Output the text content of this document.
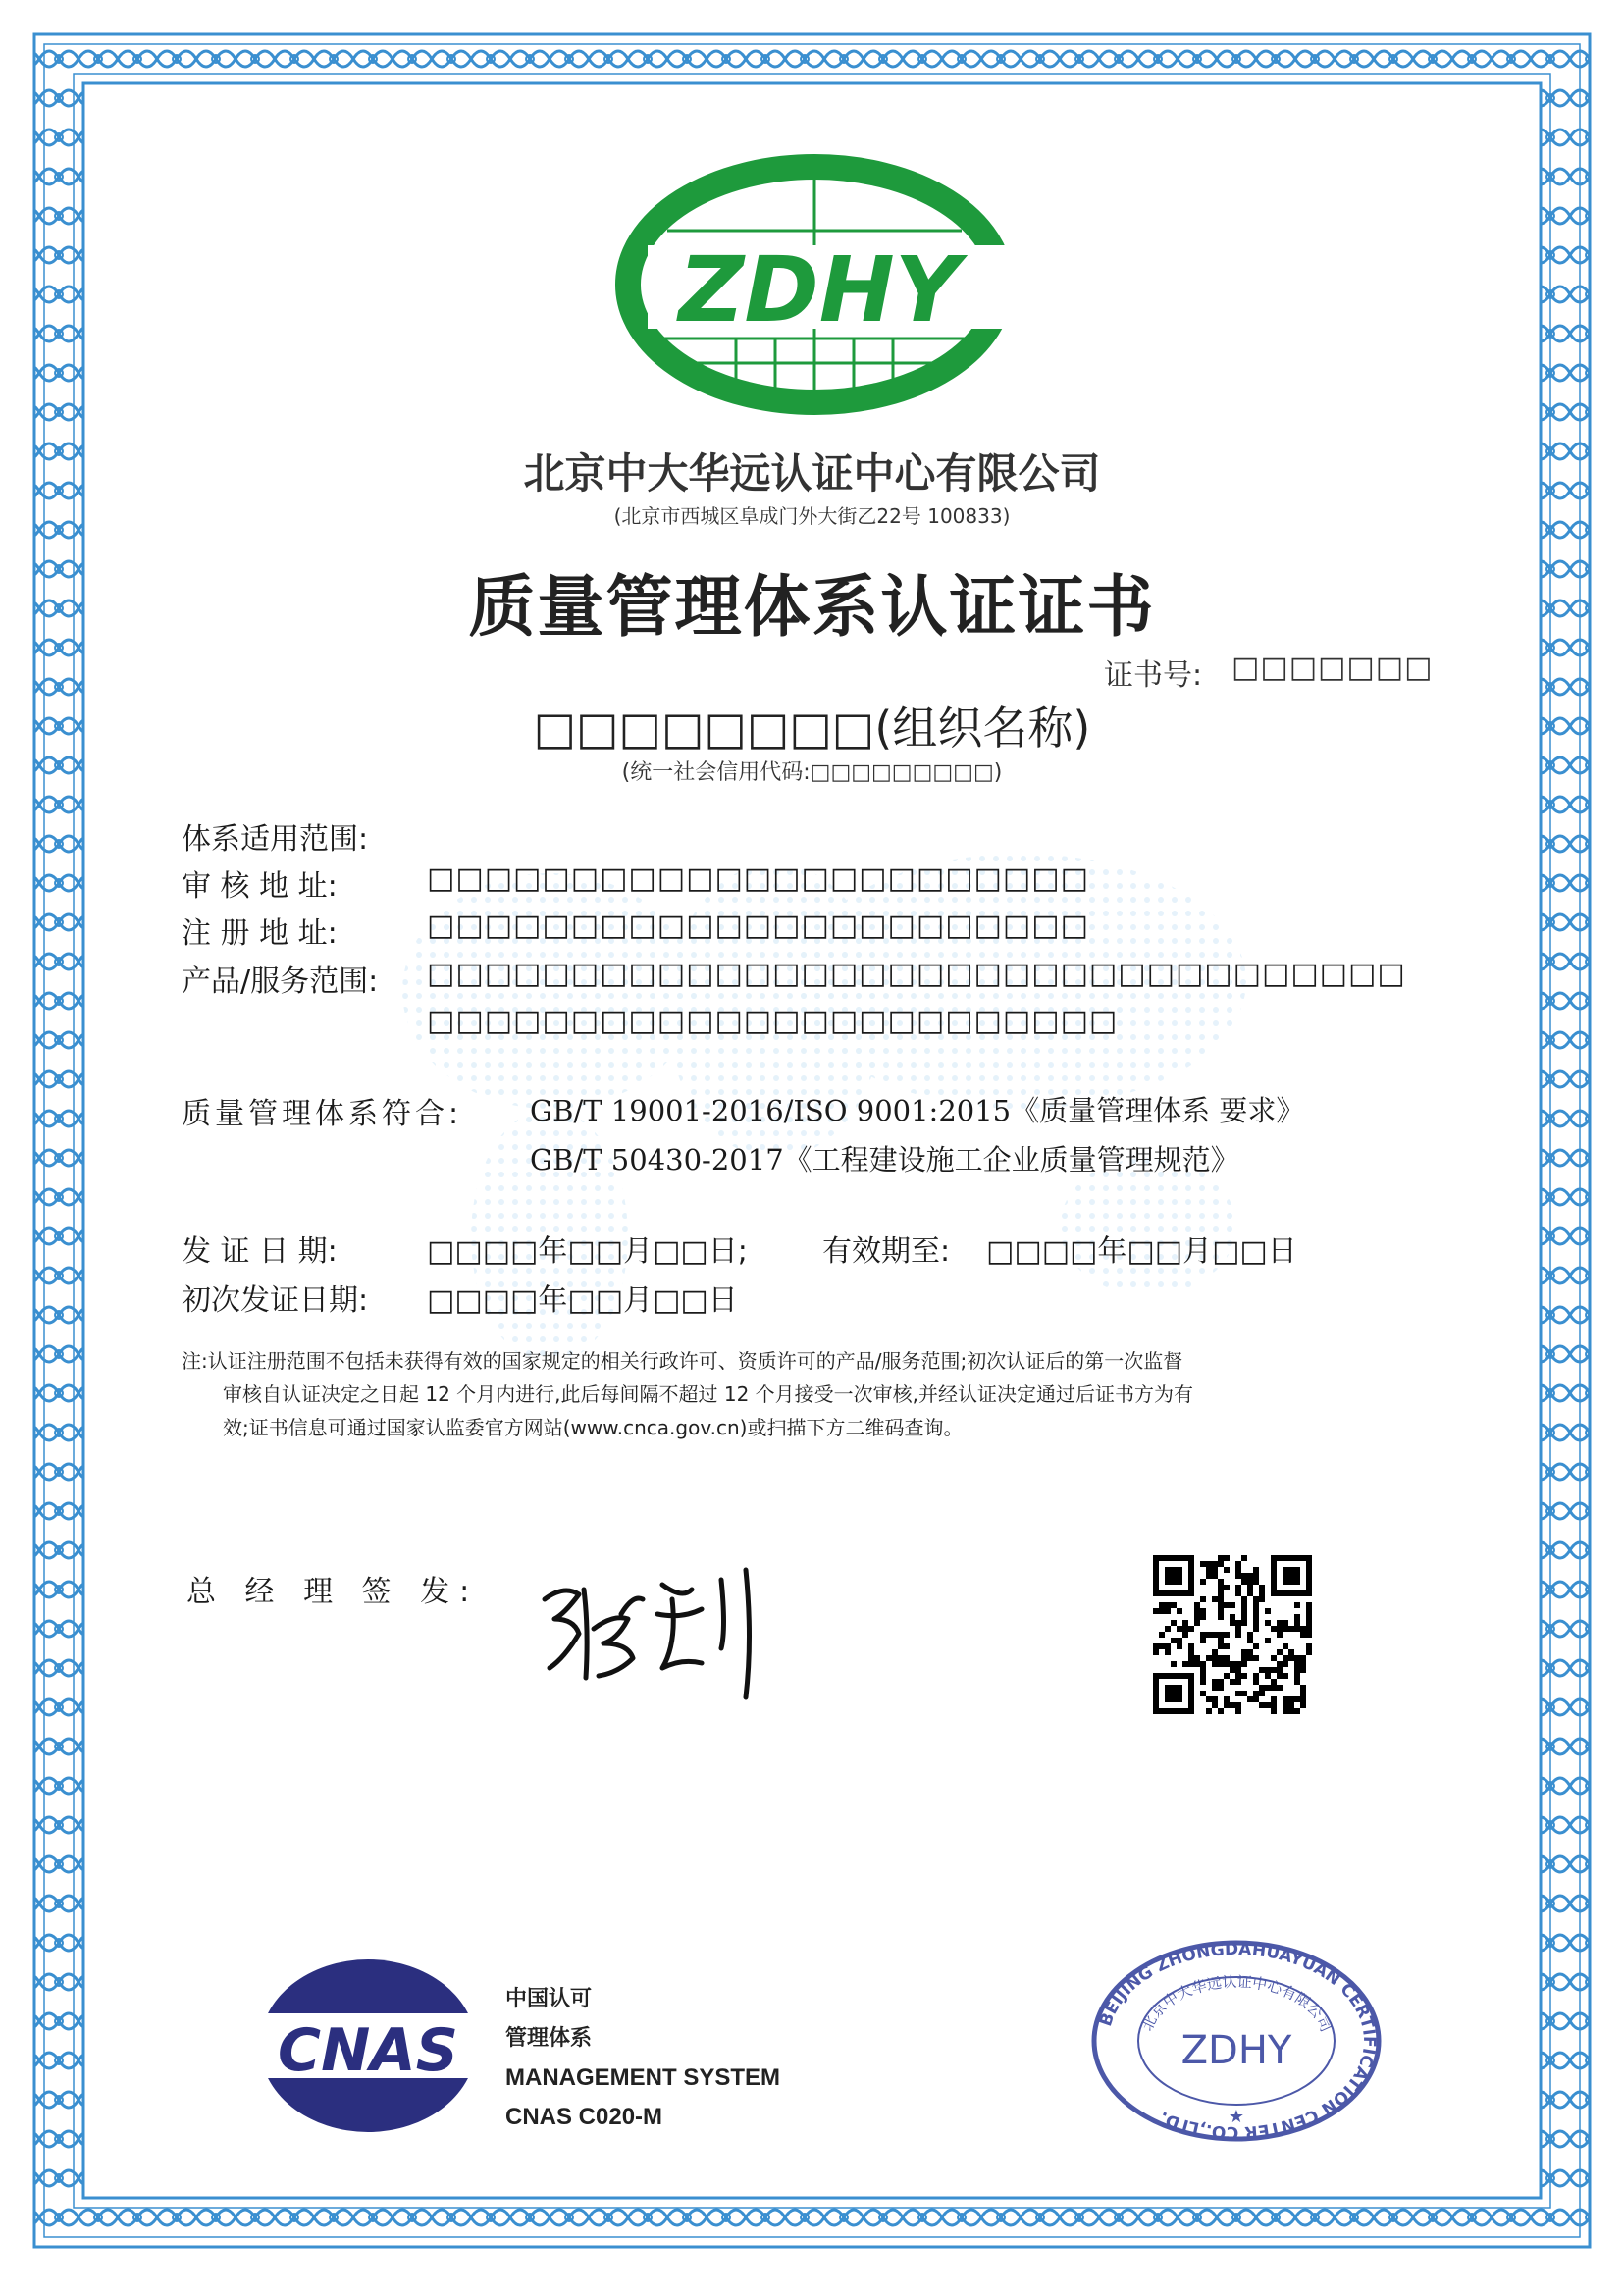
ZDHY
北京中大华远认证中心有限公司
(北京市西城区阜成门外大街乙22号 100833)
质量管理体系认证证书
证书号: □□□□□□□
□□□□□□□□(组织名称)
(统一社会信用代码:□□□□□□□□□)
体系适用范围:
审 核 地 址:	□□□□□□□□□□□□□□□□□□□□□□□
注 册 地 址:	□□□□□□□□□□□□□□□□□□□□□□□
产品/服务范围: □□□□□□□□□□□□□□□□□□□□□□□□□□□□□□□□□□
□□□□□□□□□□□□□□□□□□□□□□□□
质量管理体系符合: GB/T 19001-2016/ISO 9001:2015《质量管理体系 要求》
GB/T 50430-2017《工程建设施工企业质量管理规范》
发 证 日 期:	□□□□年□□月□□日;	有效期至: □□□□年□□月□□日
初次发证日期: □□□□年□□月□□日
注:认证注册范围不包括未获得有效的国家规定的相关行政许可、资质许可的产品/服务范围;初次认证后的第一次监督
审核自认证决定之日起 12 个月内进行,此后每间隔不超过 12 个月接受一次审核,并经认证决定通过后证书方为有
效;证书信息可通过国家认监委官方网站(www.cnca.gov.cn)或扫描下方二维码查询。
总 经 理 签 发:
CNAS
中国认可
管理体系
MANAGEMENT SYSTEM
CNAS C020-M
BEIJING ZHONGDAHUAYUAN CERTIFICATION CENTER CO.,LTD.
北京中大华远认证中心有限公司
ZDHY
★
